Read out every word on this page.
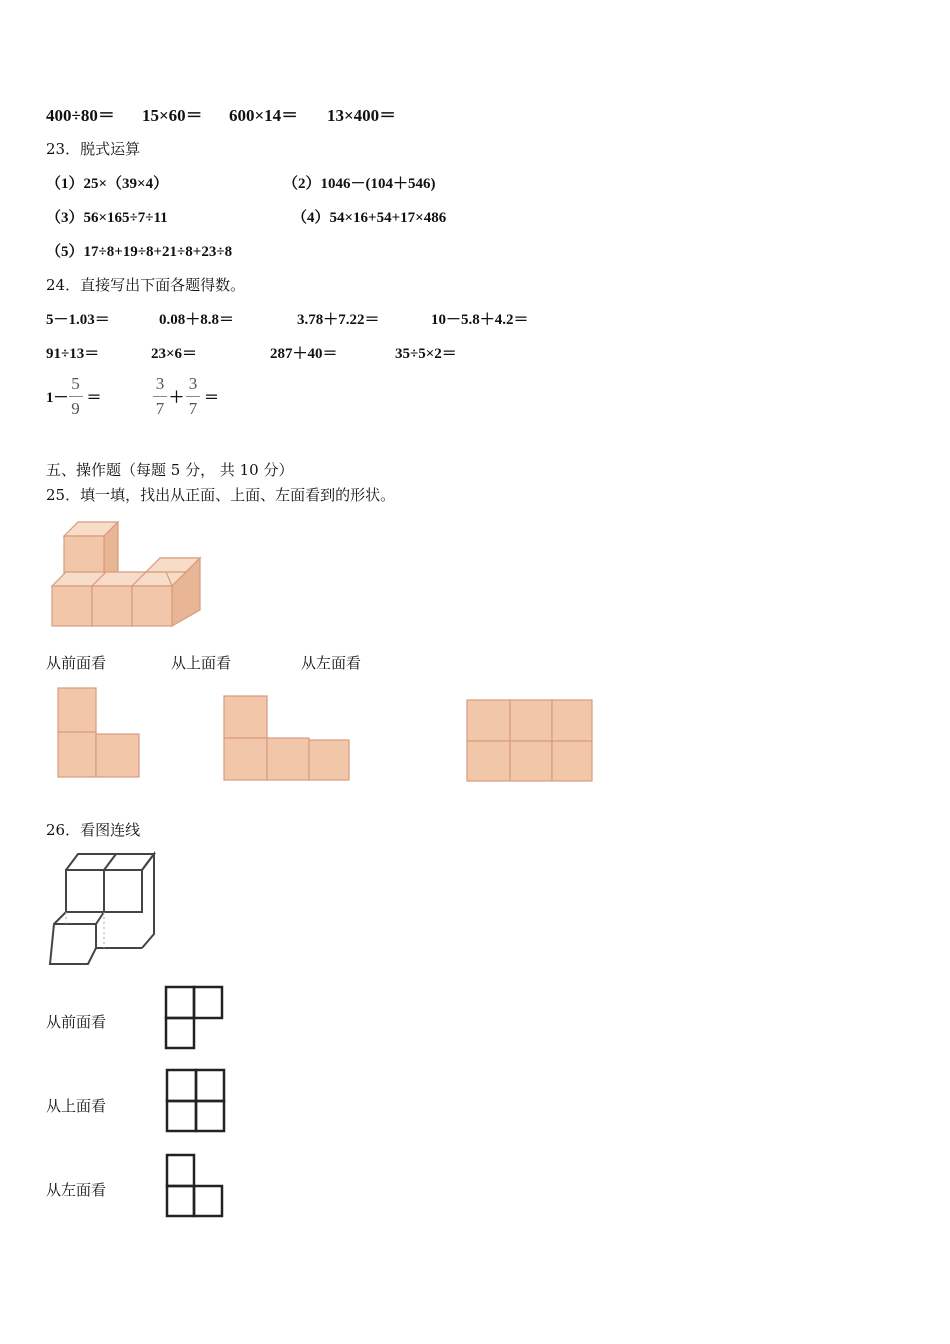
400÷80＝ 15×60＝ 600×14＝ 13×400＝
23．脱式运算
（1）25×（39×4）	（2）1046－(104＋546)
（3）56×165÷7÷11	（4）54×16+54+17×486
（5）17÷8+19÷8+21÷8+23÷8
24．直接写出下面各题得数。
5－1.03＝	0.08＋8.8＝	3.78＋7.22＝	10－5.8＋4.2＝
91÷13＝	23×6＝	287＋40＝	35÷5×2＝
$1- \frac{5}{9}$ ＝	$\frac{3}{7} + \frac{3}{7}$ ＝
五、操作题（每题 5 分， 共 10 分）
25．填一填，找出从正面、上面、左面看到的形状。
从前面看	从上面看	从左面看
26．看图连线
从前面看
从上面看
从左面看
